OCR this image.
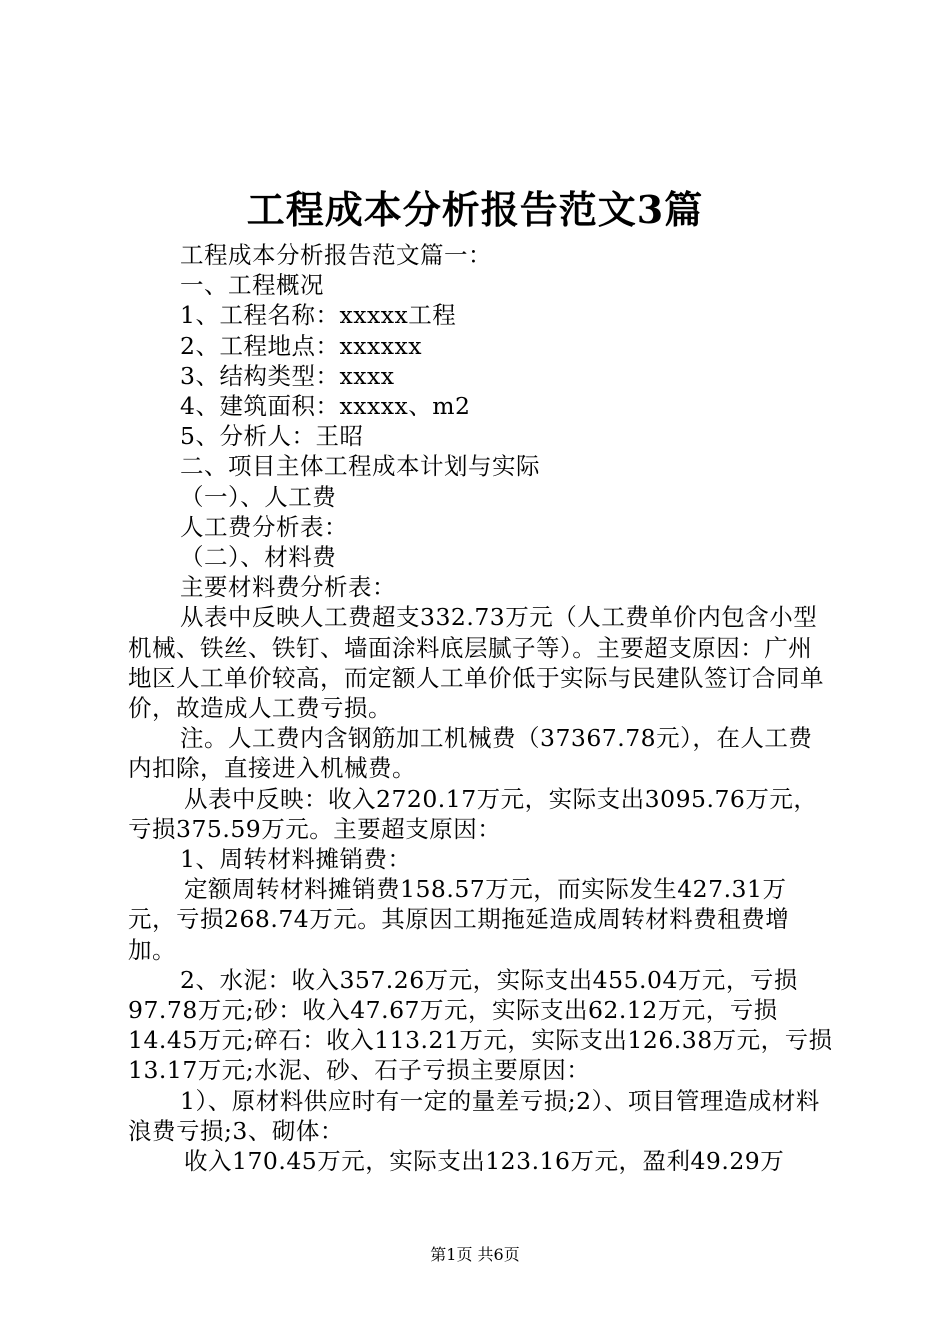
工程成本分析报告范文3篇

工程成本分析报告范文篇一：

一、工程概况

1、工程名称：xxxxx工程

2、工程地点：xxxxxx

3、结构类型：xxxx

4、建筑面积：xxxxx、m2

5、分析人：王昭

二、项目主体工程成本计划与实际

（一）、人工费

人工费分析表：

（二）、材料费

主要材料费分析表：

从表中反映人工费超支332.73万元（人工费单价内包含小型机械、铁丝、铁钉、墙面涂料底层腻子等）。主要超支原因：广州地区人工单价较高，而定额人工单价低于实际与民建队签订合同单价，故造成人工费亏损。

注。人工费内含钢筋加工机械费（37367.78元），在人工费内扣除，直接进入机械费。

从表中反映：收入2720.17万元，实际支出3095.76万元，亏损375.59万元。主要超支原因：

1、周转材料摊销费：

定额周转材料摊销费158.57万元，而实际发生427.31万元，亏损268.74万元。其原因工期拖延造成周转材料费租费增加。

2、水泥：收入357.26万元，实际支出455.04万元，亏损97.78万元;砂：收入47.67万元，实际支出62.12万元，亏损14.45万元;碎石：收入113.21万元，实际支出126.38万元，亏损13.17万元;水泥、砂、石子亏损主要原因：

1）、原材料供应时有一定的量差亏损;2）、项目管理造成材料浪费亏损;3、砌体：

收入170.45万元，实际支出123.16万元，盈利49.29万

第1页 共6页
